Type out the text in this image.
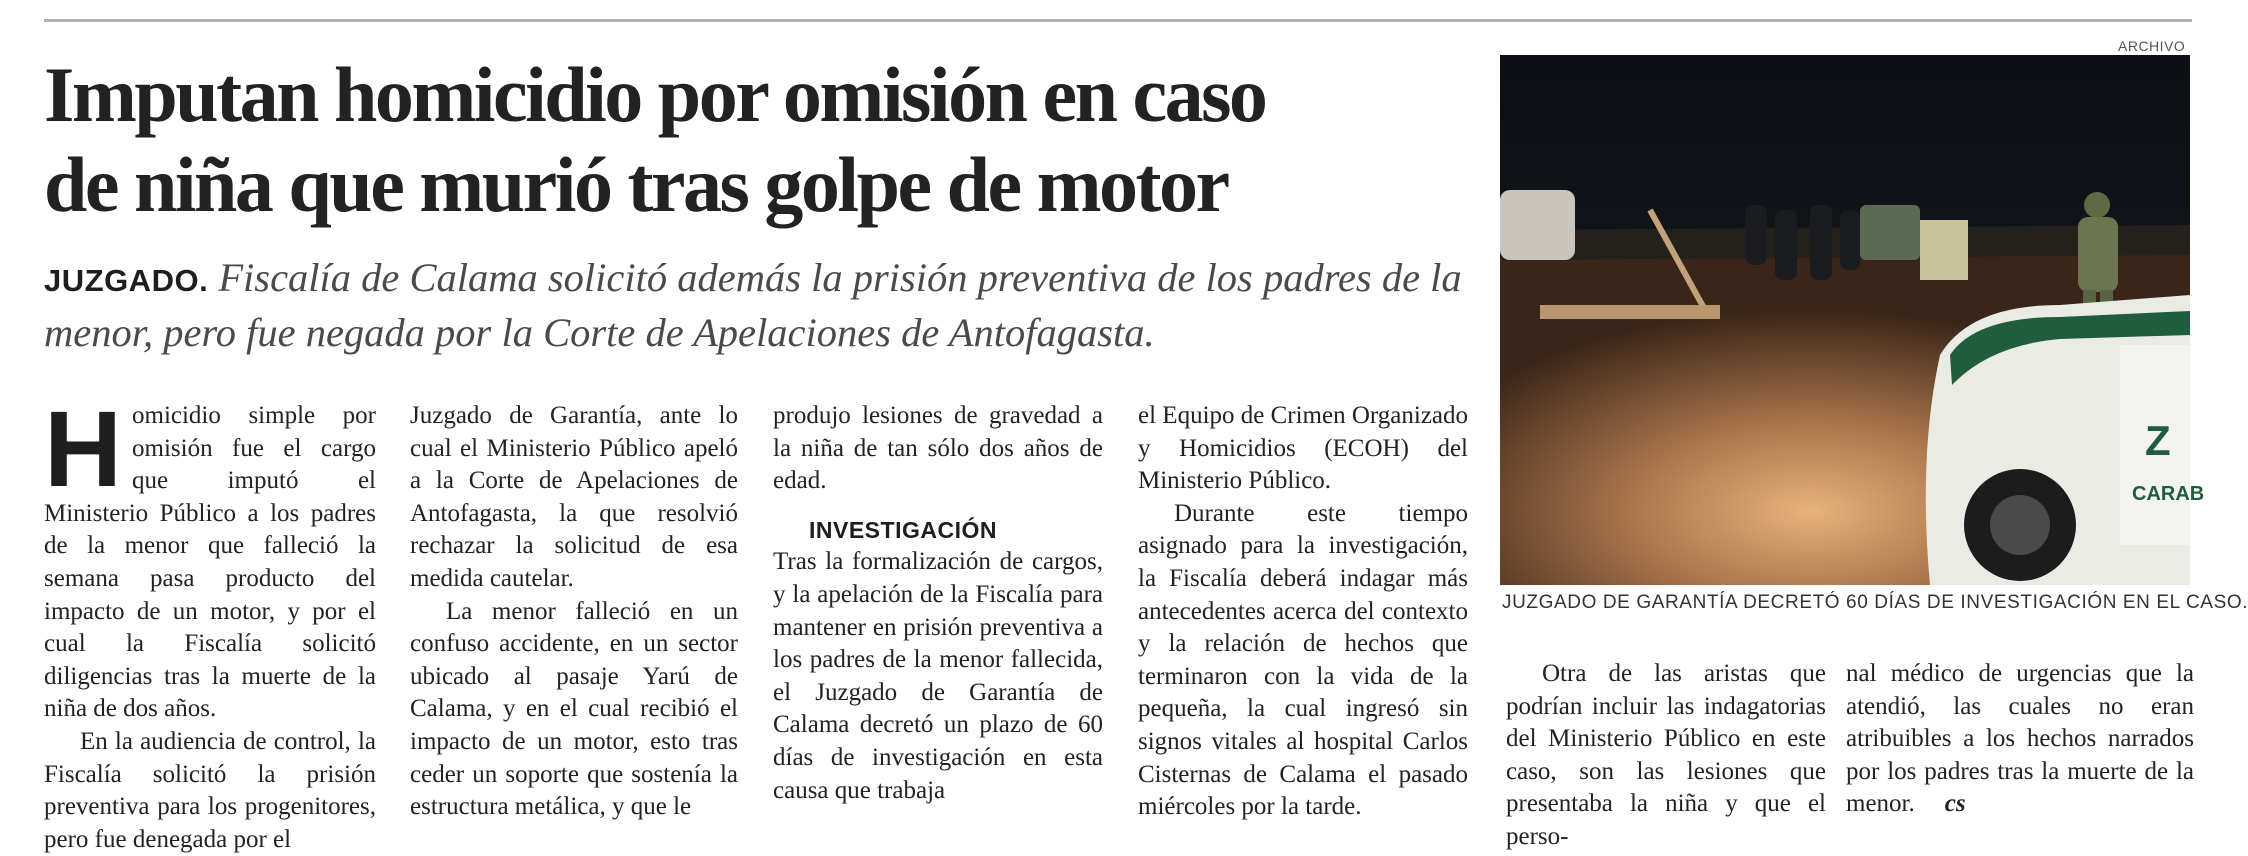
Imputan homicidio por omisión en caso
de niña que murió tras golpe de motor

JUZGADO. Fiscalía de Calama solicitó además la prisión preventiva de los padres de la menor, pero fue negada por la Corte de Apelaciones de Antofagasta.

Homicidio simple por omisión fue el cargo que imputó el Ministerio Público a los padres de la menor que falleció la semana pasa producto del impacto de un motor, y por el cual la Fiscalía solicitó diligencias tras la muerte de la niña de dos años.

En la audiencia de control, la Fiscalía solicitó la prisión preventiva para los progenitores, pero fue denegada por el

Juzgado de Garantía, ante lo cual el Ministerio Público apeló a la Corte de Apelaciones de Antofagasta, la que resolvió rechazar la solicitud de esa medida cautelar.

La menor falleció en un confuso accidente, en un sector ubicado al pasaje Yarú de Calama, y en el cual recibió el impacto de un motor, esto tras ceder un soporte que sostenía la estructura metálica, y que le

produjo lesiones de gravedad a la niña de tan sólo dos años de edad.

INVESTIGACIÓN

Tras la formalización de cargos, y la apelación de la Fiscalía para mantener en prisión preventiva a los padres de la menor fallecida, el Juzgado de Garantía de Calama decretó un plazo de 60 días de investigación en esta causa que trabaja

el Equipo de Crimen Organizado y Homicidios (ECOH) del Ministerio Público.

Durante este tiempo asignado para la investigación, la Fiscalía deberá indagar más antecedentes acerca del contexto y la relación de hechos que terminaron con la vida de la pequeña, la cual ingresó sin signos vitales al hospital Carlos Cisternas de Calama el pasado miércoles por la tarde.

ARCHIVO
Z
CARAB
JUZGADO DE GARANTÍA DECRETÓ 60 DÍAS DE INVESTIGACIÓN EN EL CASO.

Otra de las aristas que podrían incluir las indagatorias del Ministerio Público en este caso, son las lesiones que presentaba la niña y que el perso-

nal médico de urgencias que la atendió, las cuales no eran atribuibles a los hechos narrados por los padres tras la muerte de la menor. cs
